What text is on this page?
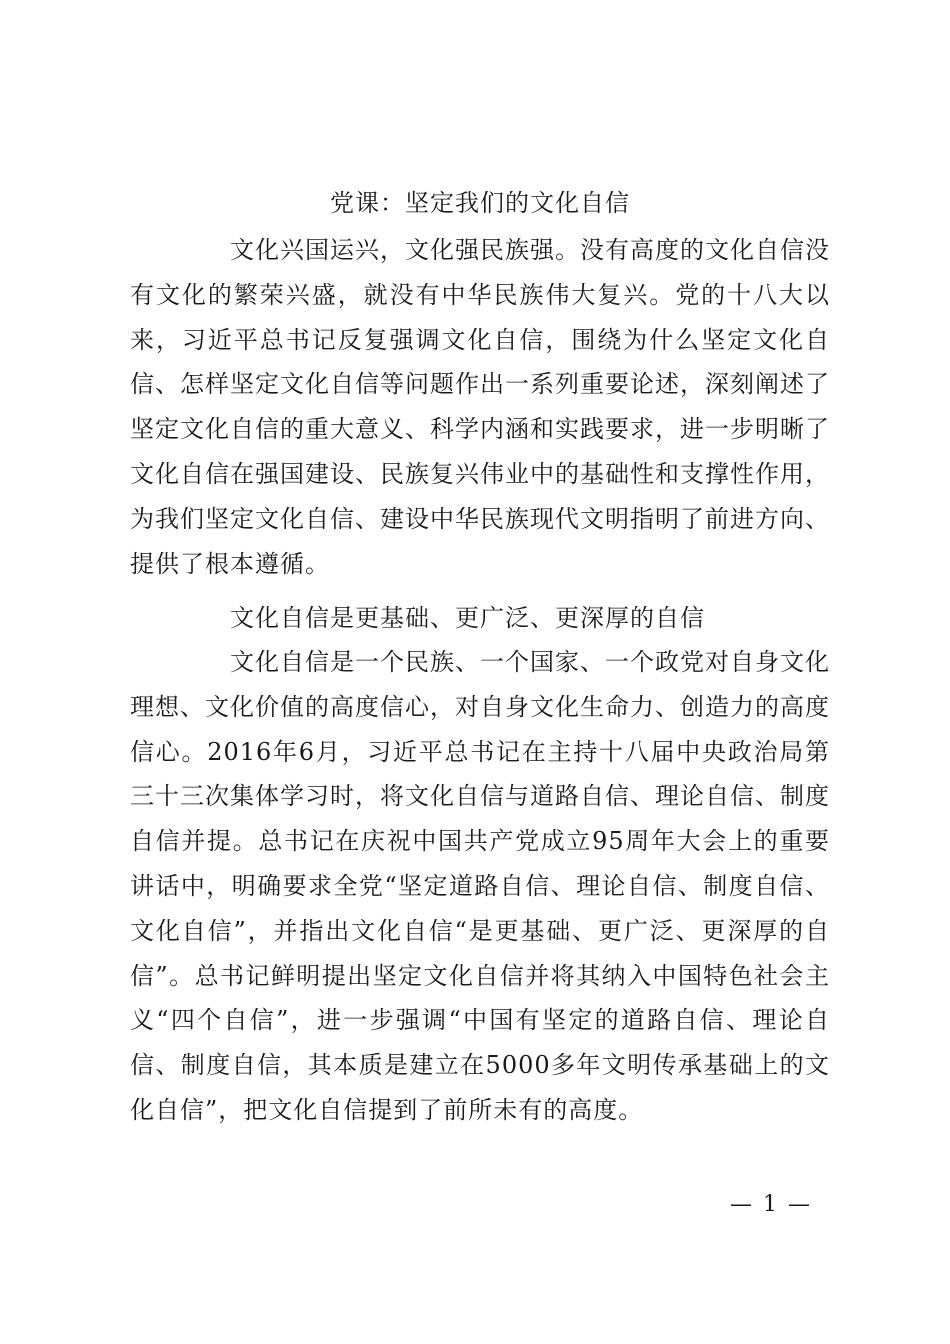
党课：坚定我们的文化自信

文化兴国运兴，文化强民族强。没有高度的文化自信没有文化的繁荣兴盛，就没有中华民族伟大复兴。党的十八大以来，习近平总书记反复强调文化自信，围绕为什么坚定文化自信、怎样坚定文化自信等问题作出一系列重要论述，深刻阐述了坚定文化自信的重大意义、科学内涵和实践要求，进一步明晰了文化自信在强国建设、民族复兴伟业中的基础性和支撑性作用，为我们坚定文化自信、建设中华民族现代文明指明了前进方向、提供了根本遵循。

文化自信是更基础、更广泛、更深厚的自信

文化自信是一个民族、一个国家、一个政党对自身文化理想、文化价值的高度信心，对自身文化生命力、创造力的高度信心。2016年6月，习近平总书记在主持十八届中央政治局第三十三次集体学习时，将文化自信与道路自信、理论自信、制度自信并提。总书记在庆祝中国共产党成立95周年大会上的重要讲话中，明确要求全党“坚定道路自信、理论自信、制度自信、文化自信”，并指出文化自信“是更基础、更广泛、更深厚的自信”。总书记鲜明提出坚定文化自信并将其纳入中国特色社会主义“四个自信”，进一步强调“中国有坚定的道路自信、理论自信、制度自信，其本质是建立在5000多年文明传承基础上的文化自信”，把文化自信提到了前所未有的高度。

— 1 —
